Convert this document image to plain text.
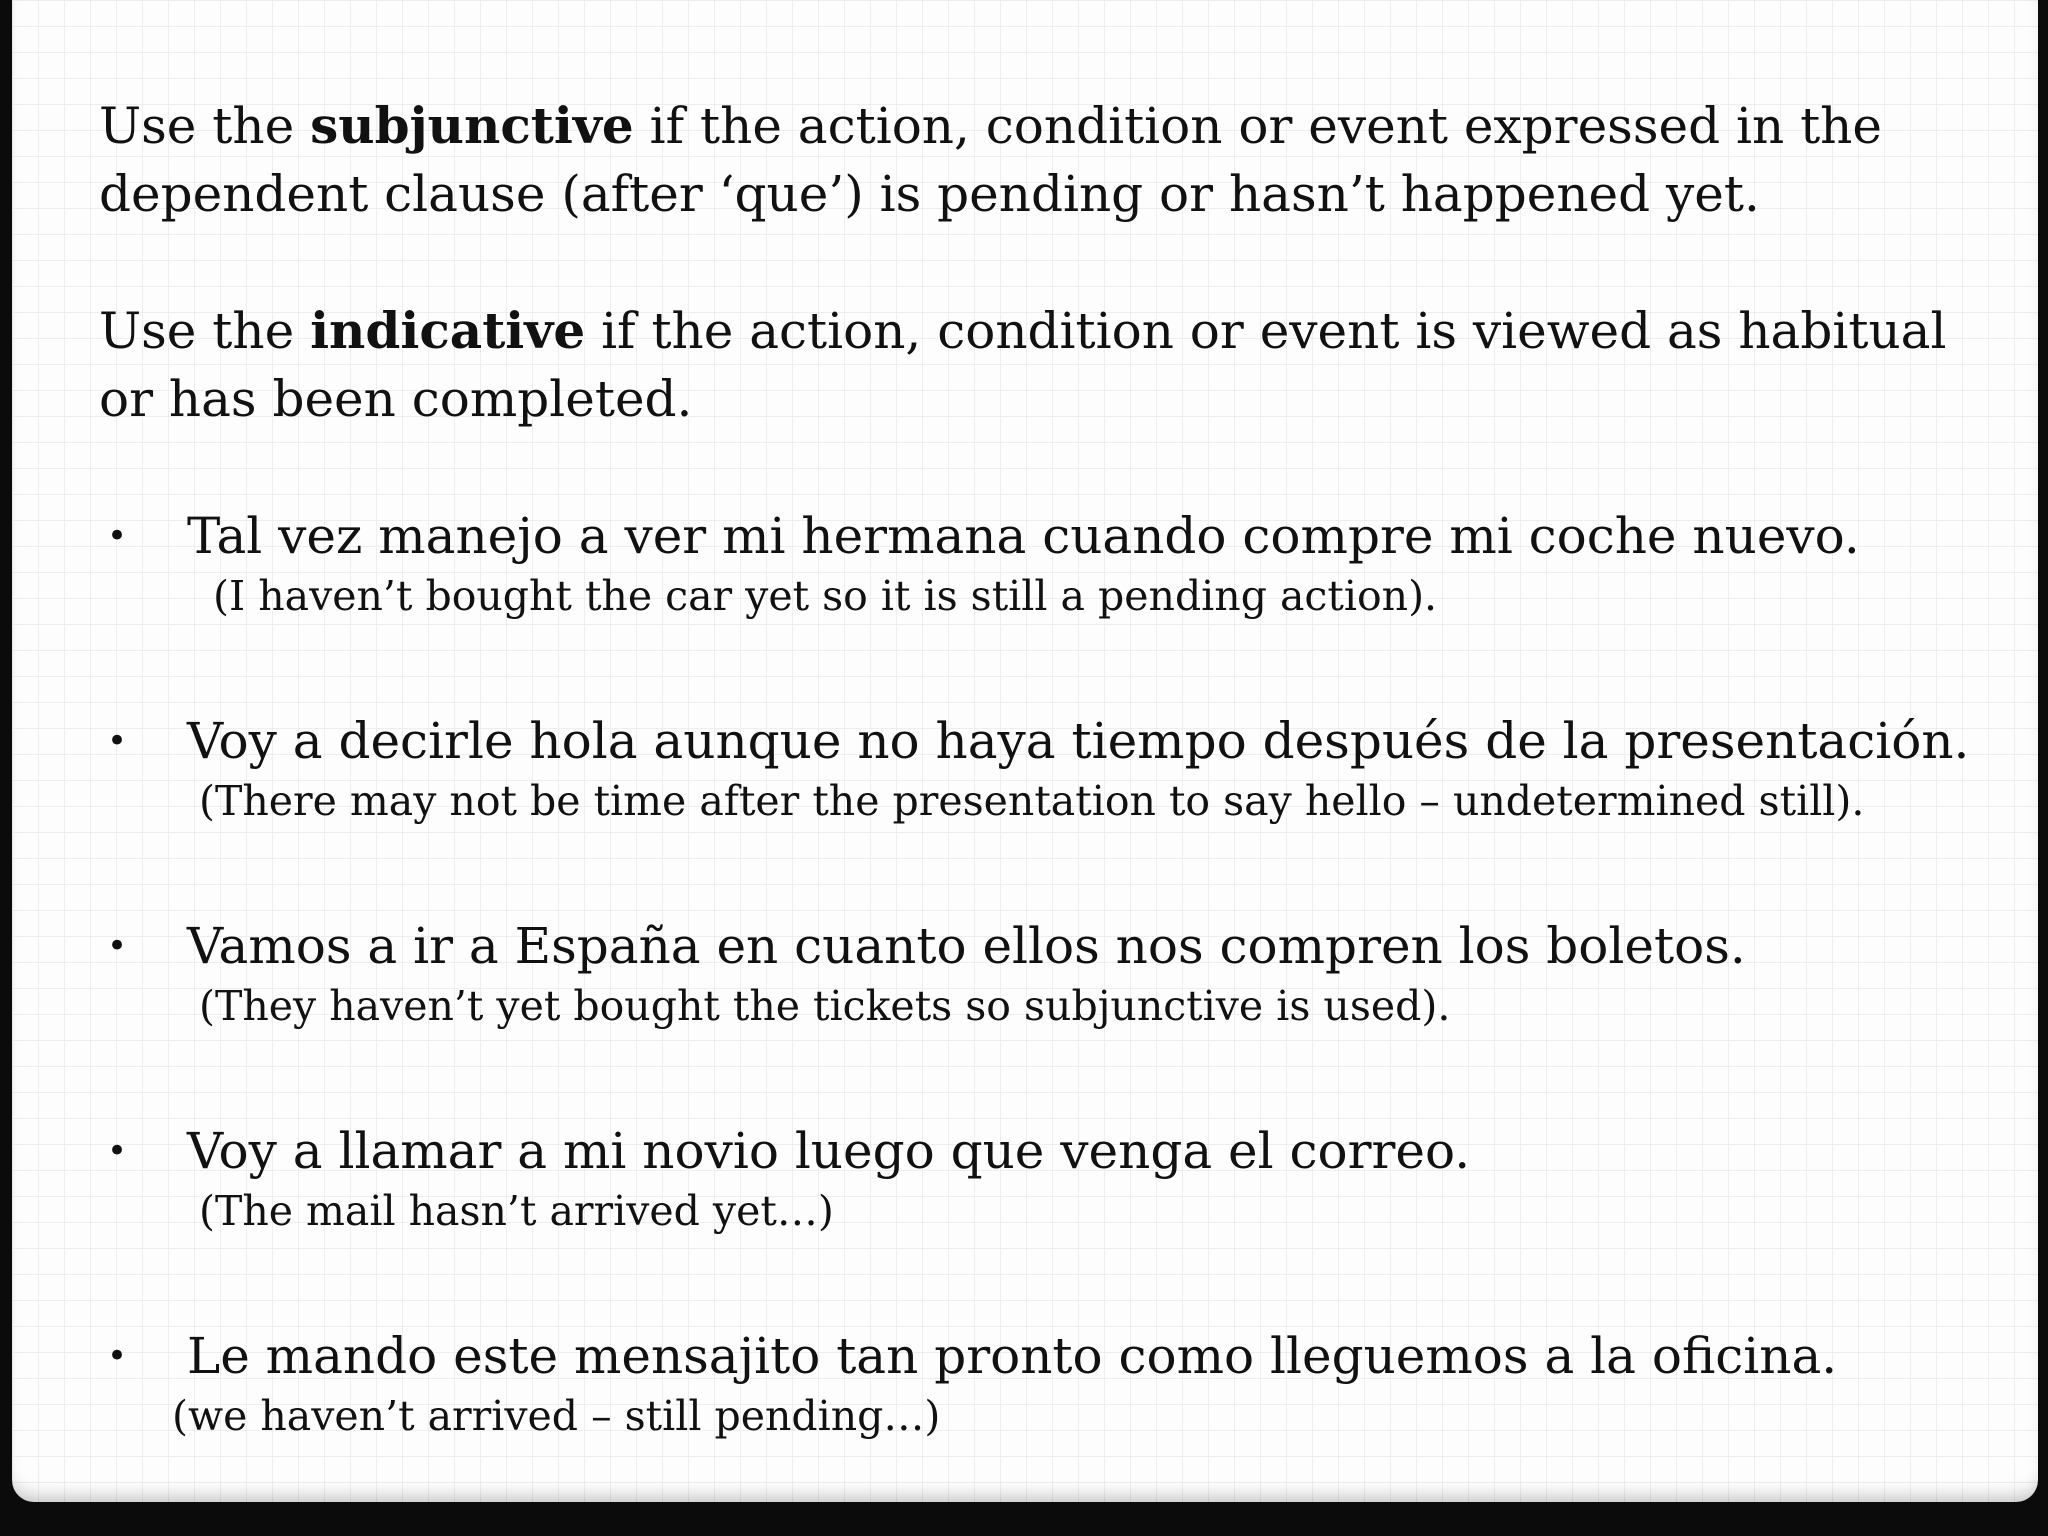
Use the subjunctive if the action, condition or event expressed in the dependent clause (after ‘que’) is pending or hasn’t happened yet.

Use the indicative if the action, condition or event is viewed as habitual or has been completed.

• Tal vez manejo a ver mi hermana cuando compre mi coche nuevo.
(I haven’t bought the car yet so it is still a pending action).
• Voy a decirle hola aunque no haya tiempo después de la presentación.
(There may not be time after the presentation to say hello – undetermined still).
• Vamos a ir a España en cuanto ellos nos compren los boletos.
(They haven’t yet bought the tickets so subjunctive is used).
• Voy a llamar a mi novio luego que venga el correo.
(The mail hasn’t arrived yet…)
• Le mando este mensajito tan pronto como lleguemos a la oficina.
(we haven’t arrived – still pending…)
